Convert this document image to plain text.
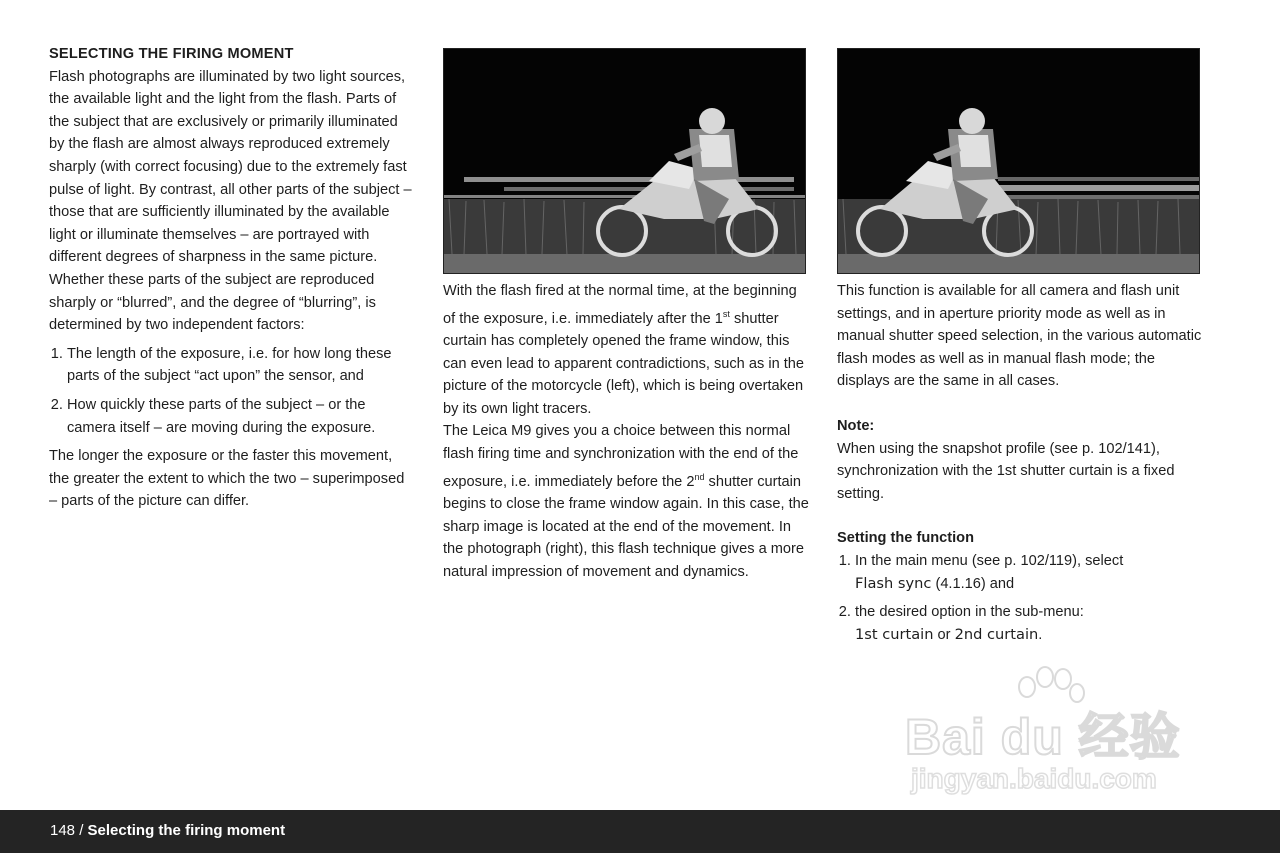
SELECTING THE FIRING MOMENT

Flash photographs are illuminated by two light sources, the available light and the light from the flash. Parts of the subject that are exclusively or primarily illuminated by the flash are almost always reproduced extremely sharply (with correct focusing) due to the extremely fast pulse of light. By contrast, all other parts of the subject – those that are sufficiently illuminated by the available light or illuminate themselves – are portrayed with different degrees of sharpness in the same picture.

Whether these parts of the subject are reproduced sharply or “blurred”, and the degree of “blurring”, is determined by two independent factors:

1. The length of the exposure, i.e. for how long these parts of the subject “act upon” the sensor, and
2. How quickly these parts of the subject – or the camera itself – are moving during the exposure.

The longer the exposure or the faster this movement, the greater the extent to which the two – superimposed – parts of the picture can differ.

With the flash fired at the normal time, at the beginning of the exposure, i.e. immediately after the 1st shutter curtain has completely opened the frame window, this can even lead to apparent contradictions, such as in the picture of the motorcycle (left), which is being overtaken by its own light tracers.

The Leica M9 gives you a choice between this normal flash firing time and synchronization with the end of the exposure, i.e. immediately before the 2nd shutter curtain begins to close the frame window again. In this case, the sharp image is located at the end of the movement. In the photograph (right), this flash technique gives a more natural impression of movement and dynamics.

This function is available for all camera and flash unit settings, and in aperture priority mode as well as in manual shutter speed selection, in the various automatic flash modes as well as in manual flash mode; the displays are the same in all cases.

Note:

When using the snapshot profile (see p. 102/141), synchronization with the 1st shutter curtain is a fixed setting.

Setting the function

1. In the main menu (see p. 102/119), select
Flash sync (4.1.16) and
2. the desired option in the sub-menu:
1st curtain or 2nd curtain.
Bai du 经验
jingyan.baidu.com
148 / Selecting the firing moment
